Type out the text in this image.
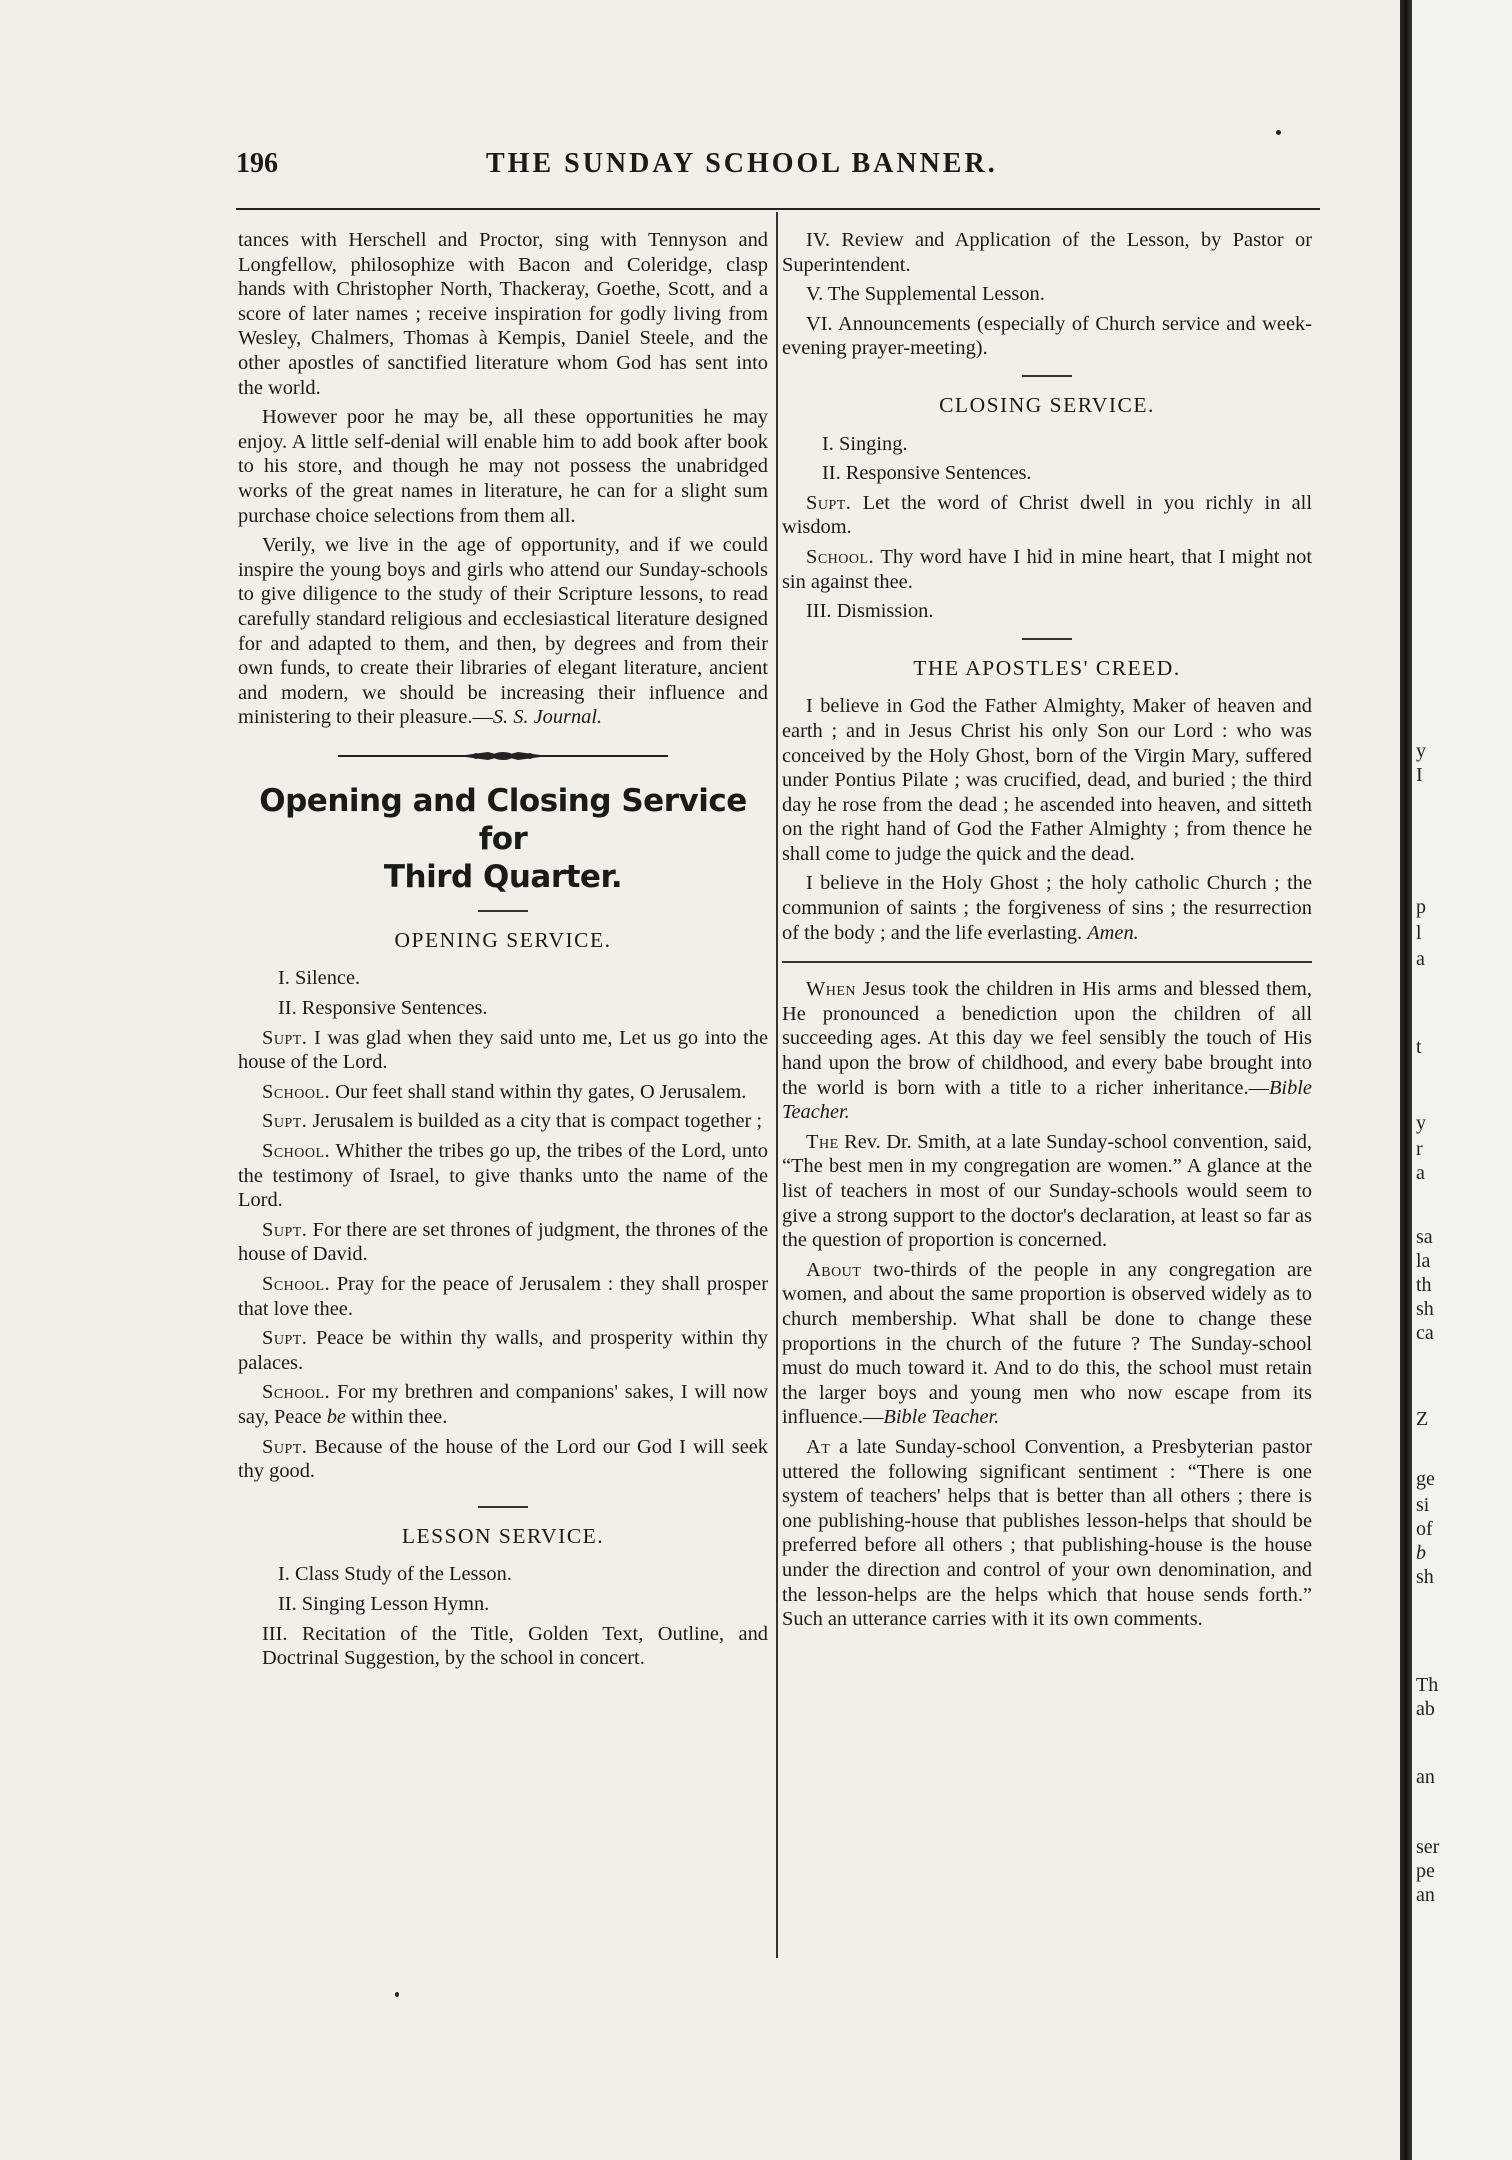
196	THE SUNDAY SCHOOL BANNER.

tances with Herschell and Proctor, sing with Tennyson and Longfellow, philosophize with Bacon and Coleridge, clasp hands with Christopher North, Thackeray, Goethe, Scott, and a score of later names ; receive inspiration for godly living from Wesley, Chalmers, Thomas à Kempis, Daniel Steele, and the other apostles of sanctified literature whom God has sent into the world.

However poor he may be, all these opportunities he may enjoy. A little self-denial will enable him to add book after book to his store, and though he may not possess the unabridged works of the great names in literature, he can for a slight sum purchase choice selections from them all.

Verily, we live in the age of opportunity, and if we could inspire the young boys and girls who attend our Sunday-schools to give diligence to the study of their Scripture lessons, to read carefully standard religious and ecclesiastical literature designed for and adapted to them, and then, by degrees and from their own funds, to create their libraries of elegant literature, ancient and modern, we should be increasing their influence and ministering to their pleasure.—S. S. Journal.

Opening and Closing Service for
Third Quarter.
OPENING SERVICE.

I. Silence.

II. Responsive Sentences.

Supt. I was glad when they said unto me, Let us go into the house of the Lord.

School. Our feet shall stand within thy gates, O Jerusalem.

Supt. Jerusalem is builded as a city that is compact together ;

School. Whither the tribes go up, the tribes of the Lord, unto the testimony of Israel, to give thanks unto the name of the Lord.

Supt. For there are set thrones of judgment, the thrones of the house of David.

School. Pray for the peace of Jerusalem : they shall prosper that love thee.

Supt. Peace be within thy walls, and prosperity within thy palaces.

School. For my brethren and companions' sakes, I will now say, Peace be within thee.

Supt. Because of the house of the Lord our God I will seek thy good.

LESSON SERVICE.

I. Class Study of the Lesson.

II. Singing Lesson Hymn.

III. Recitation of the Title, Golden Text, Outline, and Doctrinal Suggestion, by the school in concert.

IV. Review and Application of the Lesson, by Pastor or Superintendent.

V. The Supplemental Lesson.

VI. Announcements (especially of Church service and week-evening prayer-meeting).

CLOSING SERVICE.

I. Singing.

II. Responsive Sentences.

Supt. Let the word of Christ dwell in you richly in all wisdom.

School. Thy word have I hid in mine heart, that I might not sin against thee.

III. Dismission.

THE APOSTLES' CREED.

I believe in God the Father Almighty, Maker of heaven and earth ; and in Jesus Christ his only Son our Lord : who was conceived by the Holy Ghost, born of the Virgin Mary, suffered under Pontius Pilate ; was crucified, dead, and buried ; the third day he rose from the dead ; he ascended into heaven, and sitteth on the right hand of God the Father Almighty ; from thence he shall come to judge the quick and the dead.

I believe in the Holy Ghost ; the holy catholic Church ; the communion of saints ; the forgiveness of sins ; the resurrection of the body ; and the life everlasting. Amen.

When Jesus took the children in His arms and blessed them, He pronounced a benediction upon the children of all succeeding ages. At this day we feel sensibly the touch of His hand upon the brow of childhood, and every babe brought into the world is born with a title to a richer inheritance.—Bible Teacher.

The Rev. Dr. Smith, at a late Sunday-school convention, said, “The best men in my congregation are women.” A glance at the list of teachers in most of our Sunday-schools would seem to give a strong support to the doctor's declaration, at least so far as the question of proportion is concerned.

About two-thirds of the people in any congregation are women, and about the same proportion is observed widely as to church membership. What shall be done to change these proportions in the church of the future ? The Sunday-school must do much toward it. And to do this, the school must retain the larger boys and young men who now escape from its influence.—Bible Teacher.

At a late Sunday-school Convention, a Presbyterian pastor uttered the following significant sentiment : “There is one system of teachers' helps that is better than all others ; there is one publishing-house that publishes lesson-helps that should be preferred before all others ; that publishing-house is the house under the direction and control of your own denomination, and the lesson-helps are the helps which that house sends forth.” Such an utterance carries with it its own comments.

y
I
p
l
a
t
y
r
a
sa
la
th
sh
ca
Z
ge
si
of
b
sh
Th
ab
an
ser
pe
an
